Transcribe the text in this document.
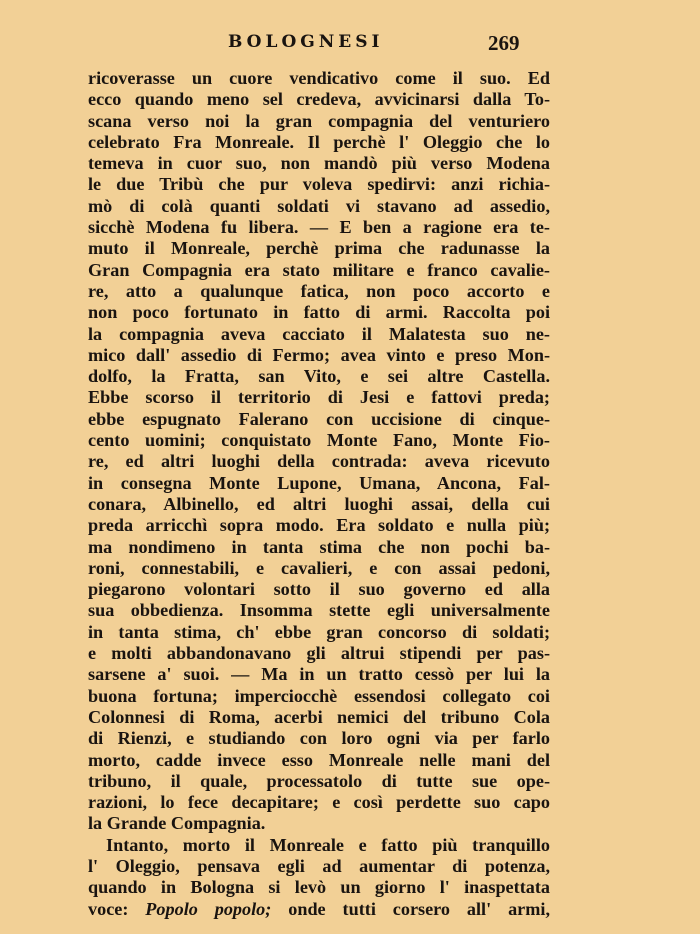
BOLOGNESI	269
ricoverasse un cuore vendicativo come il suo. Ed
ecco quando meno sel credeva, avvicinarsi dalla To-
scana verso noi la gran compagnia del venturiero
celebrato Fra Monreale. Il perchè l' Oleggio che lo
temeva in cuor suo, non mandò più verso Modena
le due Tribù che pur voleva spedirvi: anzi richia-
mò di colà quanti soldati vi stavano ad assedio,
sicchè Modena fu libera. — E ben a ragione era te-
muto il Monreale, perchè prima che radunasse la
Gran Compagnia era stato militare e franco cavalie-
re, atto a qualunque fatica, non poco accorto e
non poco fortunato in fatto di armi. Raccolta poi
la compagnia aveva cacciato il Malatesta suo ne-
mico dall' assedio di Fermo; avea vinto e preso Mon-
dolfo, la Fratta, san Vito, e sei altre Castella.
Ebbe scorso il territorio di Jesi e fattovi preda;
ebbe espugnato Falerano con uccisione di cinque-
cento uomini; conquistato Monte Fano, Monte Fio-
re, ed altri luoghi della contrada: aveva ricevuto
in consegna Monte Lupone, Umana, Ancona, Fal-
conara, Albinello, ed altri luoghi assai, della cui
preda arricchì sopra modo. Era soldato e nulla più;
ma nondimeno in tanta stima che non pochi ba-
roni, connestabili, e cavalieri, e con assai pedoni,
piegarono volontari sotto il suo governo ed alla
sua obbedienza. Insomma stette egli universalmente
in tanta stima, ch' ebbe gran concorso di soldati;
e molti abbandonavano gli altrui stipendi per pas-
sarsene a' suoi. — Ma in un tratto cessò per lui la
buona fortuna; imperciocchè essendosi collegato coi
Colonnesi di Roma, acerbi nemici del tribuno Cola
di Rienzi, e studiando con loro ogni via per farlo
morto, cadde invece esso Monreale nelle mani del
tribuno, il quale, processatolo di tutte sue ope-
razioni, lo fece decapitare; e così perdette suo capo
la Grande Compagnia.
Intanto, morto il Monreale e fatto più tranquillo
l' Oleggio, pensava egli ad aumentar di potenza,
quando in Bologna si levò un giorno l' inaspettata
voce: Popolo popolo; onde tutti corsero all' armi,
